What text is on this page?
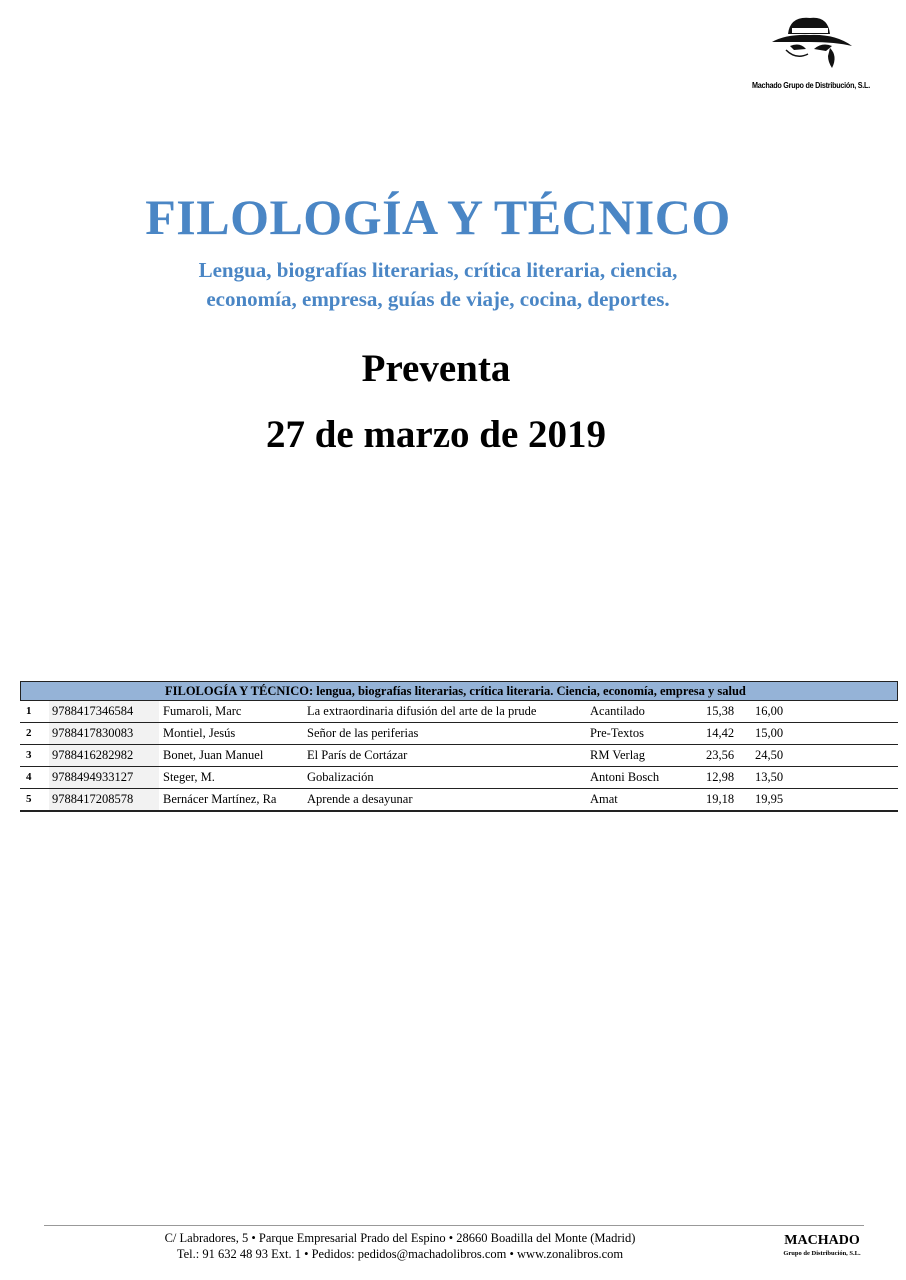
Machado Grupo de Distribución, S.L.
FILOLOGÍA Y TÉCNICO
Lengua, biografías literarias, crítica literaria, ciencia,
economía, empresa, guías de viaje, cocina, deportes.
Preventa
27 de marzo de 2019
FILOLOGÍA Y TÉCNICO: lengua, biografías literarias, crítica literaria. Ciencia, economía, empresa y salud
1	9788417346584	Fumaroli, Marc	La extraordinaria difusión del arte de la prude	Acantilado	15,38 16,00
2	9788417830083	Montiel, Jesús	Señor de las periferias	Pre-Textos	14,42 15,00
3	9788416282982	Bonet, Juan Manuel	El París de Cortázar	RM Verlag	23,56 24,50
4	9788494933127	Steger, M.	Gobalización	Antoni Bosch	12,98 13,50
5	9788417208578	Bernácer Martínez, Ra	Aprende a desayunar	Amat	19,18 19,95
C/ Labradores, 5 • Parque Empresarial Prado del Espino • 28660 Boadilla del Monte (Madrid)
Tel.: 91 632 48 93 Ext. 1 • Pedidos: pedidos@machadolibros.com • www.zonalibros.com
MACHADO
Grupo de Distribución, S.L.
